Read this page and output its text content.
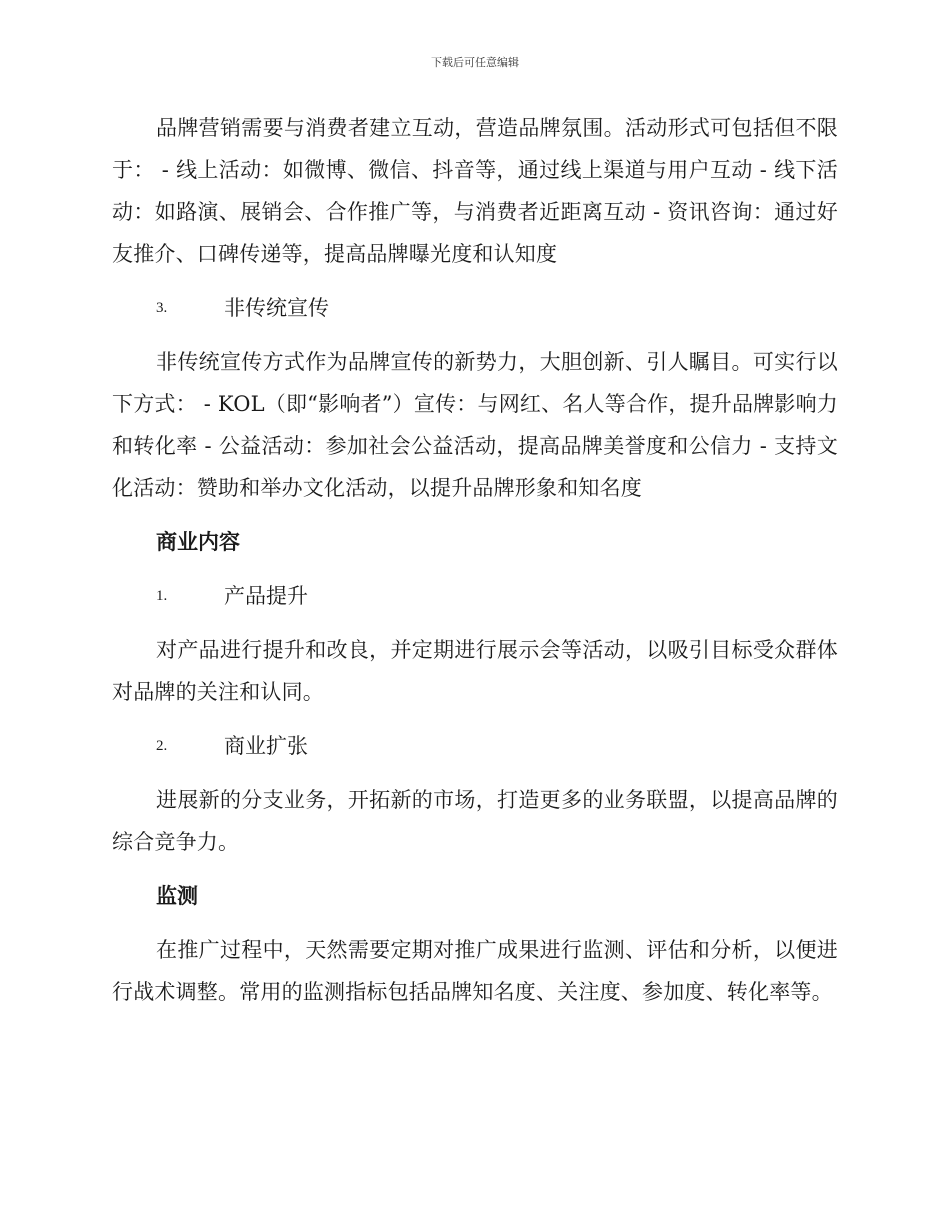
下载后可任意编辑

品牌营销需要与消费者建立互动，营造品牌氛围。活动形式可包括但不限于： - 线上活动：如微博、微信、抖音等，通过线上渠道与用户互动 - 线下活动：如路演、展销会、合作推广等，与消费者近距离互动 - 资讯咨询：通过好友推介、口碑传递等，提高品牌曝光度和认知度

3.	非传统宣传

非传统宣传方式作为品牌宣传的新势力，大胆创新、引人瞩目。可实行以下方式： - KOL（即“影响者”）宣传：与网红、名人等合作，提升品牌影响力和转化率 - 公益活动：参加社会公益活动，提高品牌美誉度和公信力 - 支持文化活动：赞助和举办文化活动，以提升品牌形象和知名度

商业内容
1.	产品提升

对产品进行提升和改良，并定期进行展示会等活动，以吸引目标受众群体对品牌的关注和认同。

2.	商业扩张

进展新的分支业务，开拓新的市场，打造更多的业务联盟，以提高品牌的综合竞争力。

监测

在推广过程中，天然需要定期对推广成果进行监测、评估和分析，以便进行战术调整。常用的监测指标包括品牌知名度、关注度、参加度、转化率等。
